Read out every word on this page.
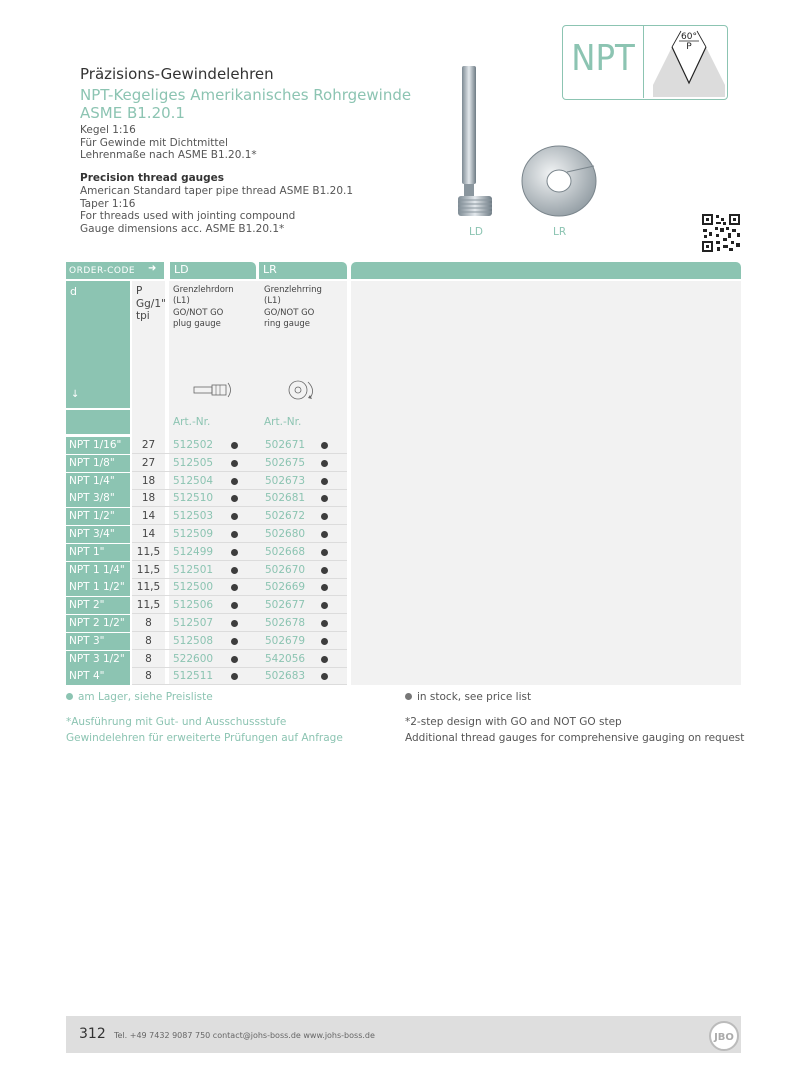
Präzisions-Gewindelehren
NPT-Kegeliges Amerikanisches Rohrgewinde ASME B1.20.1
Kegel 1:16
Für Gewinde mit Dichtmittel
Lehrenmaße nach ASME B1.20.1*
Precision thread gauges
American Standard taper pipe thread ASME B1.20.1
Taper 1:16
For threads used with jointing compound
Gauge dimensions acc. ASME B1.20.1*
NPT
60°
P
LD	LR
ORDER-CODE ➜ LD	LR
d
↓
P
Gg/1"
tpi
Grenzlehrdorn
(L1)
GO/NOT GO
plug gauge
Grenzlehrring
(L1)
GO/NOT GO
ring gauge
Art.-Nr.	Art.-Nr.
NPT 1/16"	27	512502	502671
NPT 1/8"	27	512505	502675
NPT 1/4"	18	512504	502673
NPT 3/8"	18	512510	502681
NPT 1/2"	14	512503	502672
NPT 3/4"	14	512509	502680
NPT 1"	11,5	512499	502668
NPT 1 1/4"	11,5	512501	502670
NPT 1 1/2"	11,5	512500	502669
NPT 2"	11,5	512506	502677
NPT 2 1/2"	8	512507	502678
NPT 3"	8	512508	502679
NPT 3 1/2"	8	522600	542056
NPT 4"	8	512511	502683
am Lager, siehe Preisliste	in stock, see price list
*Ausführung mit Gut- und Ausschussstufe
Gewindelehren für erweiterte Prüfungen auf Anfrage
*2-step design with GO and NOT GO step
Additional thread gauges for comprehensive gauging on request
312 Tel. +49 7432 9087 750 contact@johs-boss.de www.johs-boss.de	JBO
